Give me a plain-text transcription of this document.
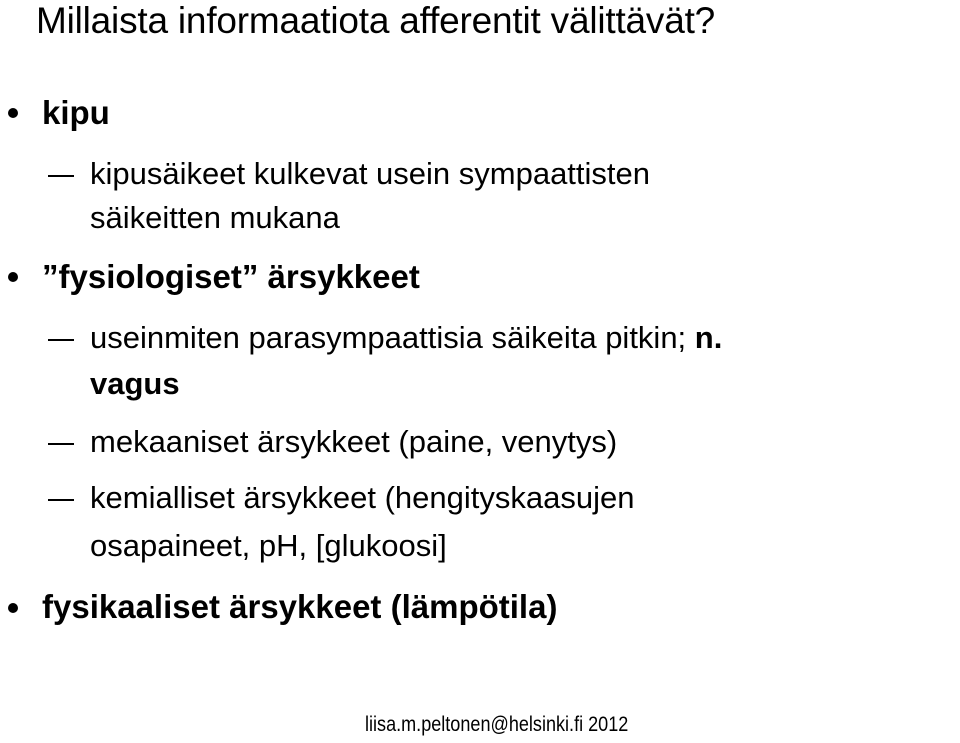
Millaista informaatiota afferentit välittävät?
kipu
kipusäikeet kulkevat usein sympaattisten
säikeitten mukana
”fysiologiset” ärsykkeet
useinmiten parasympaattisia säikeita pitkin; n.
vagus
mekaaniset ärsykkeet (paine, venytys)
kemialliset ärsykkeet (hengityskaasujen
osapaineet, pH, [glukoosi]
fysikaaliset ärsykkeet (lämpötila)
liisa.m.peltonen@helsinki.fi 2012
